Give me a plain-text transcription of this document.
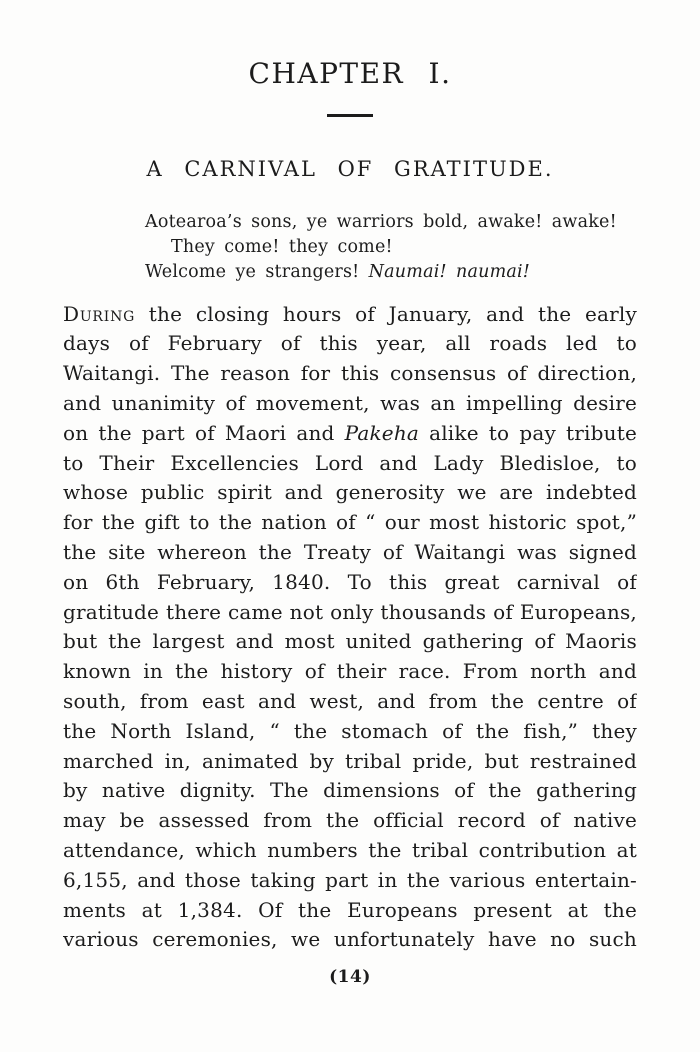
CHAPTER I.
A CARNIVAL OF GRATITUDE.
Aotearoa’s sons, ye warriors bold, awake! awake!
They come! they come!
Welcome ye strangers! Naumai! naumai!
During the closing hours of January, and the early
days of February of this year, all roads led to
Waitangi. The reason for this consensus of direction,
and unanimity of movement, was an impelling desire
on the part of Maori and Pakeha alike to pay tribute
to Their Excellencies Lord and Lady Bledisloe, to
whose public spirit and generosity we are indebted
for the gift to the nation of “ our most historic spot,”
the site whereon the Treaty of Waitangi was signed
on 6th February, 1840. To this great carnival of
gratitude there came not only thousands of Europeans,
but the largest and most united gathering of Maoris
known in the history of their race. From north and
south, from east and west, and from the centre of
the North Island, “ the stomach of the fish,” they
marched in, animated by tribal pride, but restrained
by native dignity. The dimensions of the gathering
may be assessed from the official record of native
attendance, which numbers the tribal contribution at
6,155, and those taking part in the various entertain-
ments at 1,384. Of the Europeans present at the
various ceremonies, we unfortunately have no such
(14)
